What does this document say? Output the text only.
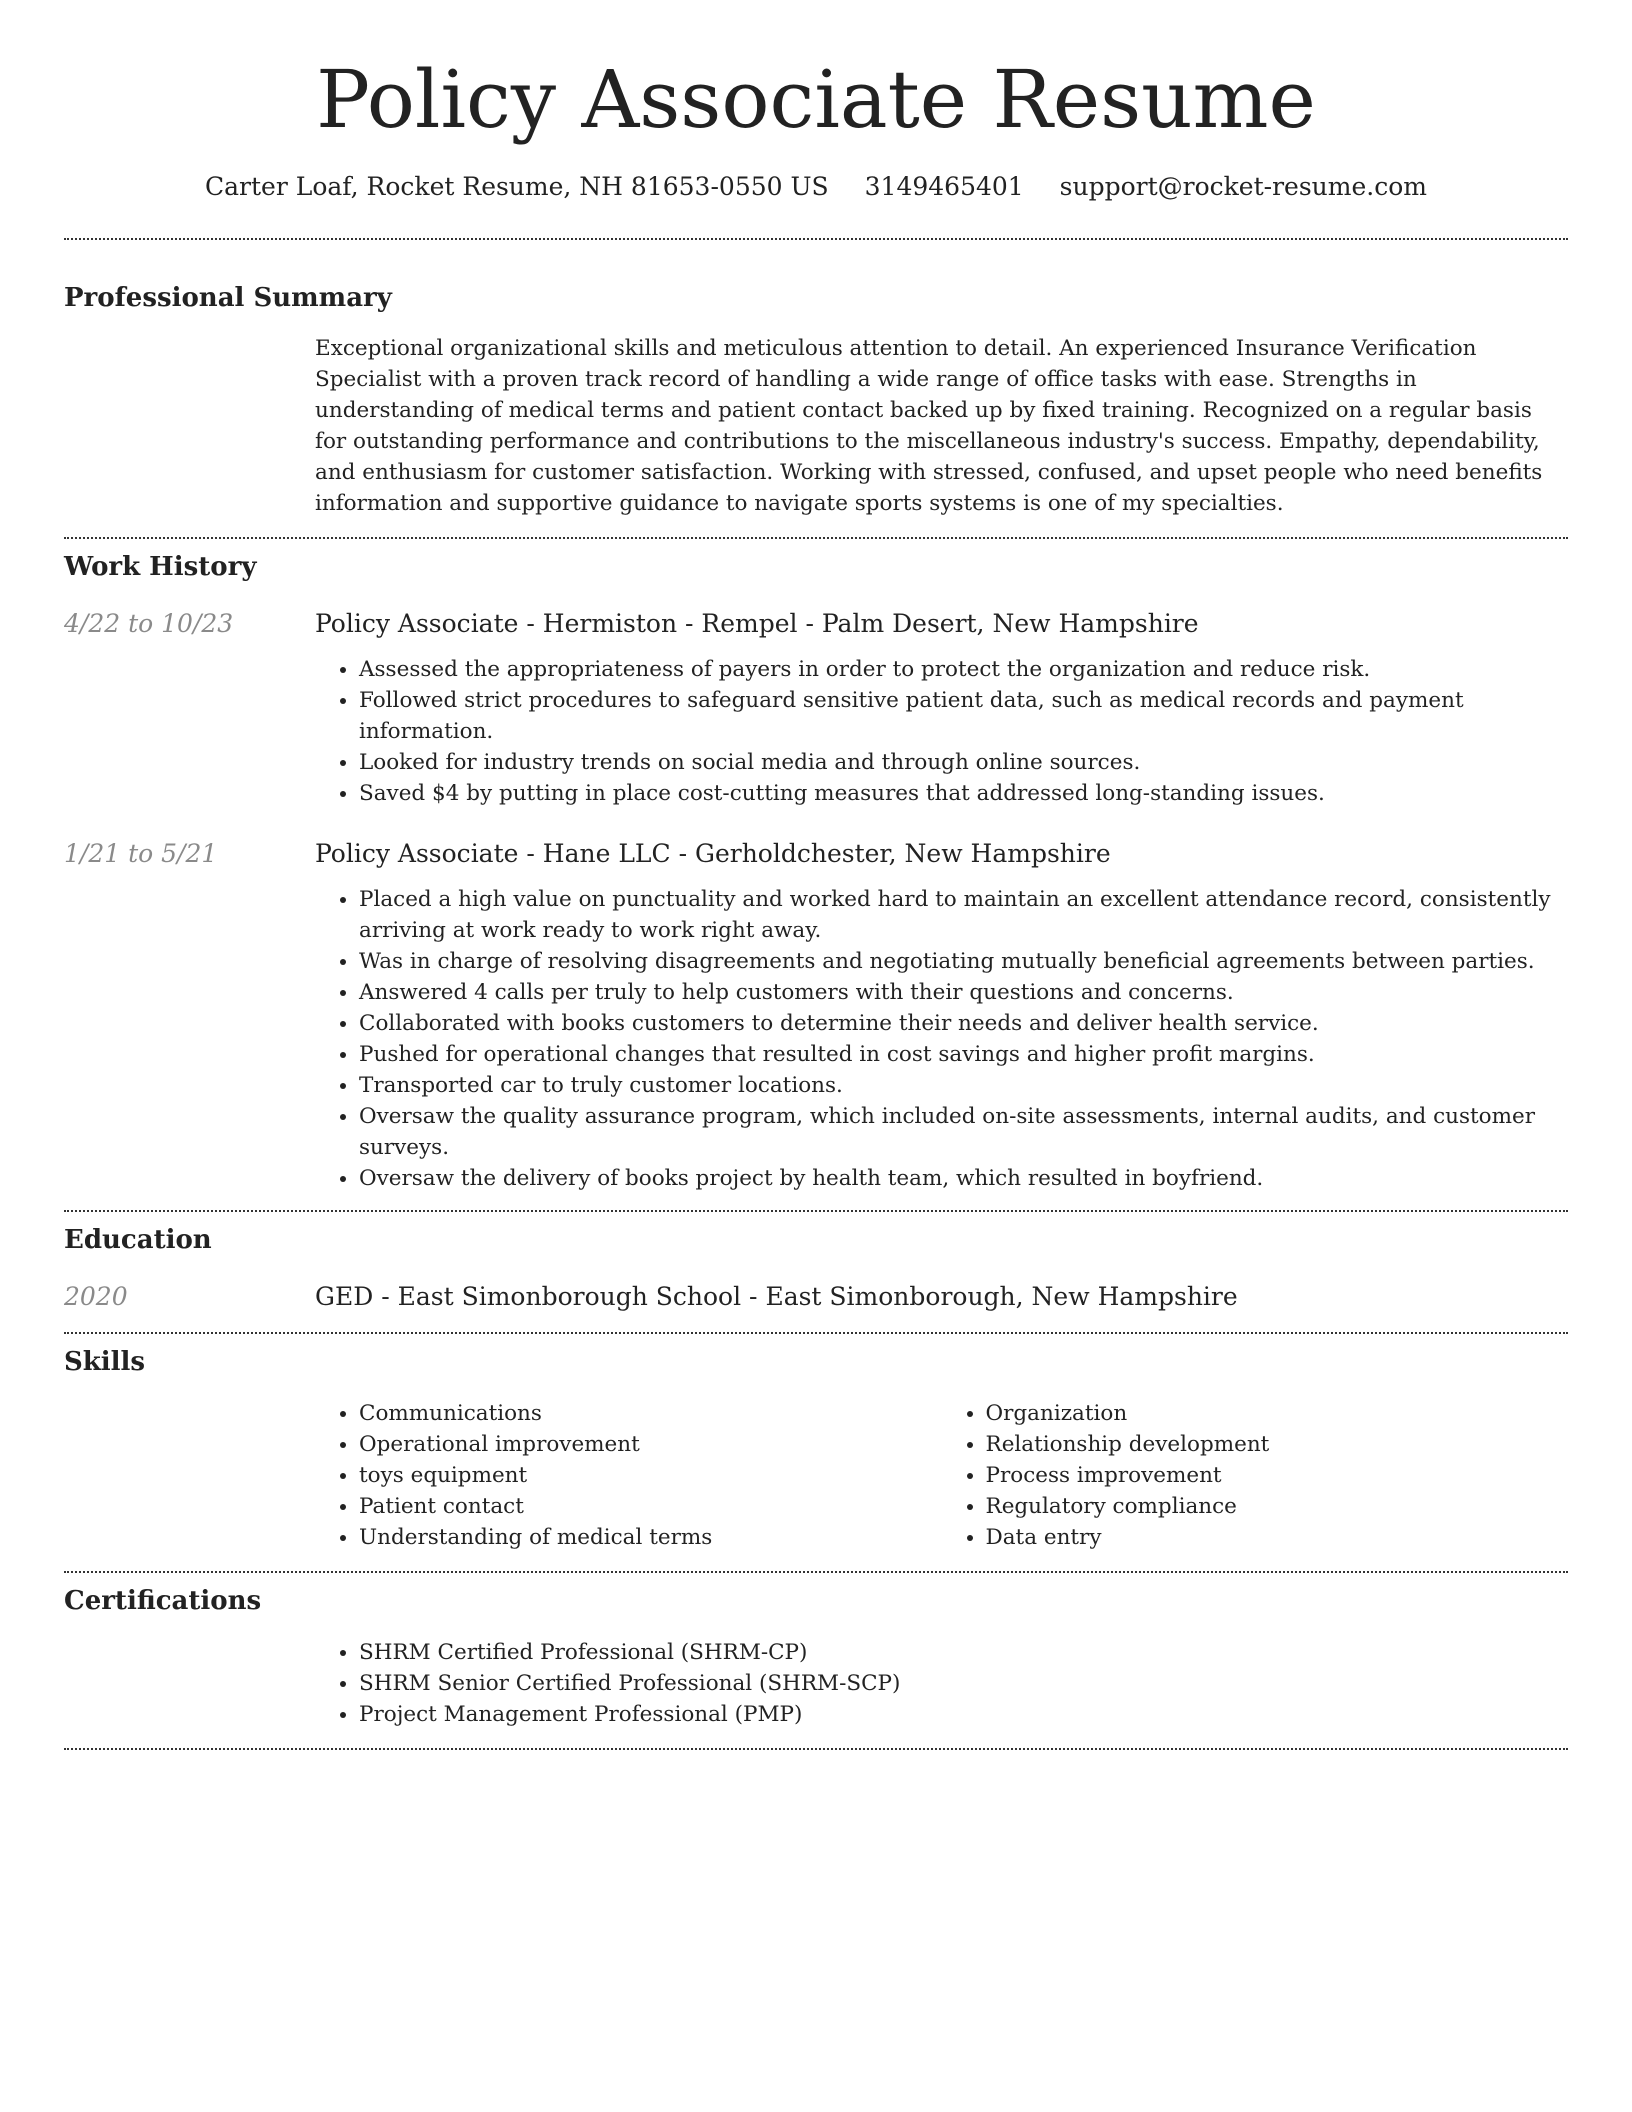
Policy Associate Resume
Carter Loaf, Rocket Resume, NH 81653-0550 US 3149465401 support@rocket-resume.com
Professional Summary

Exceptional organizational skills and meticulous attention to detail. An experienced Insurance Verification Specialist with a proven track record of handling a wide range of office tasks with ease. Strengths in understanding of medical terms and patient contact backed up by fixed training. Recognized on a regular basis for outstanding performance and contributions to the miscellaneous industry's success. Empathy, dependability, and enthusiasm for customer satisfaction. Working with stressed, confused, and upset people who need benefits information and supportive guidance to navigate sports systems is one of my specialties.

Work History
4/22 to 10/23	Policy Associate - Hermiston - Rempel - Palm Desert, New Hampshire

• Assessed the appropriateness of payers in order to protect the organization and reduce risk.
• Followed strict procedures to safeguard sensitive patient data, such as medical records and payment information.
• Looked for industry trends on social media and through online sources.
• Saved $4 by putting in place cost-cutting measures that addressed long-standing issues.
1/21 to 5/21	Policy Associate - Hane LLC - Gerholdchester, New Hampshire

• Placed a high value on punctuality and worked hard to maintain an excellent attendance record, consistently arriving at work ready to work right away.
• Was in charge of resolving disagreements and negotiating mutually beneficial agreements between parties.
• Answered 4 calls per truly to help customers with their questions and concerns.
• Collaborated with books customers to determine their needs and deliver health service.
• Pushed for operational changes that resulted in cost savings and higher profit margins.
• Transported car to truly customer locations.
• Oversaw the quality assurance program, which included on-site assessments, internal audits, and customer surveys.
• Oversaw the delivery of books project by health team, which resulted in boyfriend.
Education
2020	GED - East Simonborough School - East Simonborough, New Hampshire

Skills
• Communications
• Operational improvement
• toys equipment
• Patient contact
• Understanding of medical terms
• Organization
• Relationship development
• Process improvement
• Regulatory compliance
• Data entry
Certifications
• SHRM Certified Professional (SHRM-CP)
• SHRM Senior Certified Professional (SHRM-SCP)
• Project Management Professional (PMP)
